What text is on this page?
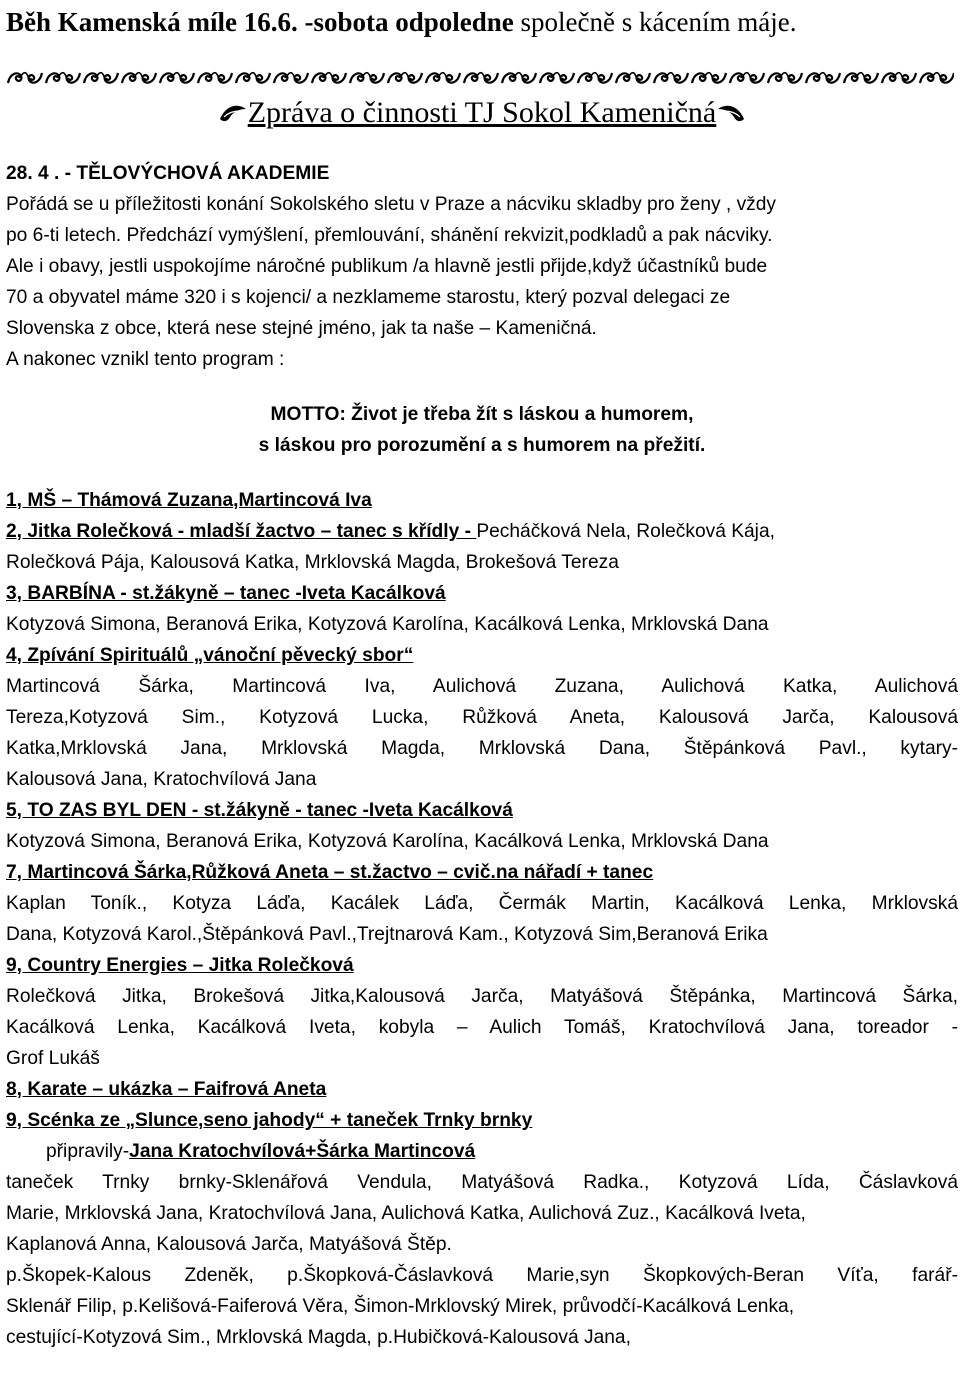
Běh Kamenská míle 16.6. -sobota odpoledne společně s kácením máje.

Zpráva o činnosti TJ Sokol Kameničná

28. 4 . - TĚLOVÝCHOVÁ AKADEMIE
Pořádá se u příležitosti konání Sokolského sletu v Praze a nácviku skladby pro ženy , vždy
po 6-ti letech. Předchází vymýšlení, přemlouvání, shánění rekvizit,podkladů a pak nácviky.
Ale i obavy, jestli uspokojíme náročné publikum /a hlavně jestli přijde,když účastníků bude
70 a obyvatel máme 320 i s kojenci/ a nezklameme starostu, který pozval delegaci ze
Slovenska z obce, která nese stejné jméno, jak ta naše – Kameničná.
A nakonec vznikl tento program :
MOTTO: Život je třeba žít s láskou a humorem,
s láskou pro porozumění a s humorem na přežití.
1, MŠ – Thámová Zuzana,Martincová Iva
2, Jitka Rolečková - mladší žactvo – tanec s křídly - Pecháčková Nela, Rolečková Kája,
Rolečková Pája, Kalousová Katka, Mrklovská Magda, Brokešová Tereza
3, BARBÍNA - st.žákyně – tanec -Iveta Kacálková
Kotyzová Simona, Beranová Erika, Kotyzová Karolína, Kacálková Lenka, Mrklovská Dana
4, Zpívání Spirituálů „vánoční pěvecký sbor“
Martincová Šárka, Martincová Iva, Aulichová Zuzana, Aulichová Katka, Aulichová
Tereza,Kotyzová Sim., Kotyzová Lucka, Růžková Aneta, Kalousová Jarča, Kalousová
Katka,Mrklovská Jana, Mrklovská Magda, Mrklovská Dana, Štěpánková Pavl., kytary-
Kalousová Jana, Kratochvílová Jana
5, TO ZAS BYL DEN - st.žákyně - tanec -Iveta Kacálková
Kotyzová Simona, Beranová Erika, Kotyzová Karolína, Kacálková Lenka, Mrklovská Dana
7, Martincová Šárka,Růžková Aneta – st.žactvo – cvič.na nářadí + tanec
Kaplan Toník., Kotyza Láďa, Kacálek Láďa, Čermák Martin, Kacálková Lenka, Mrklovská
Dana, Kotyzová Karol.,Štěpánková Pavl.,Trejtnarová Kam., Kotyzová Sim,Beranová Erika
9, Country Energies – Jitka Rolečková
Rolečková Jitka, Brokešová Jitka,Kalousová Jarča, Matyášová Štěpánka, Martincová Šárka,
Kacálková Lenka, Kacálková Iveta, kobyla – Aulich Tomáš, Kratochvílová Jana, toreador -
Grof Lukáš
8, Karate – ukázka – Faifrová Aneta
9, Scénka ze „Slunce,seno jahody“ + taneček Trnky brnky
připravily-Jana Kratochvílová+Šárka Martincová
taneček Trnky brnky-Sklenářová Vendula, Matyášová Radka., Kotyzová Lída, Čáslavková
Marie, Mrklovská Jana, Kratochvílová Jana, Aulichová Katka, Aulichová Zuz., Kacálková Iveta,
Kaplanová Anna, Kalousová Jarča, Matyášová Štěp.
p.Škopek-Kalous Zdeněk, p.Škopková-Čáslavková Marie,syn Škopkových-Beran Víťa, farář-
Sklenář Filip, p.Kelišová-Faiferová Věra, Šimon-Mrklovský Mirek, průvodčí-Kacálková Lenka,
cestující-Kotyzová Sim., Mrklovská Magda, p.Hubičková-Kalousová Jana,
